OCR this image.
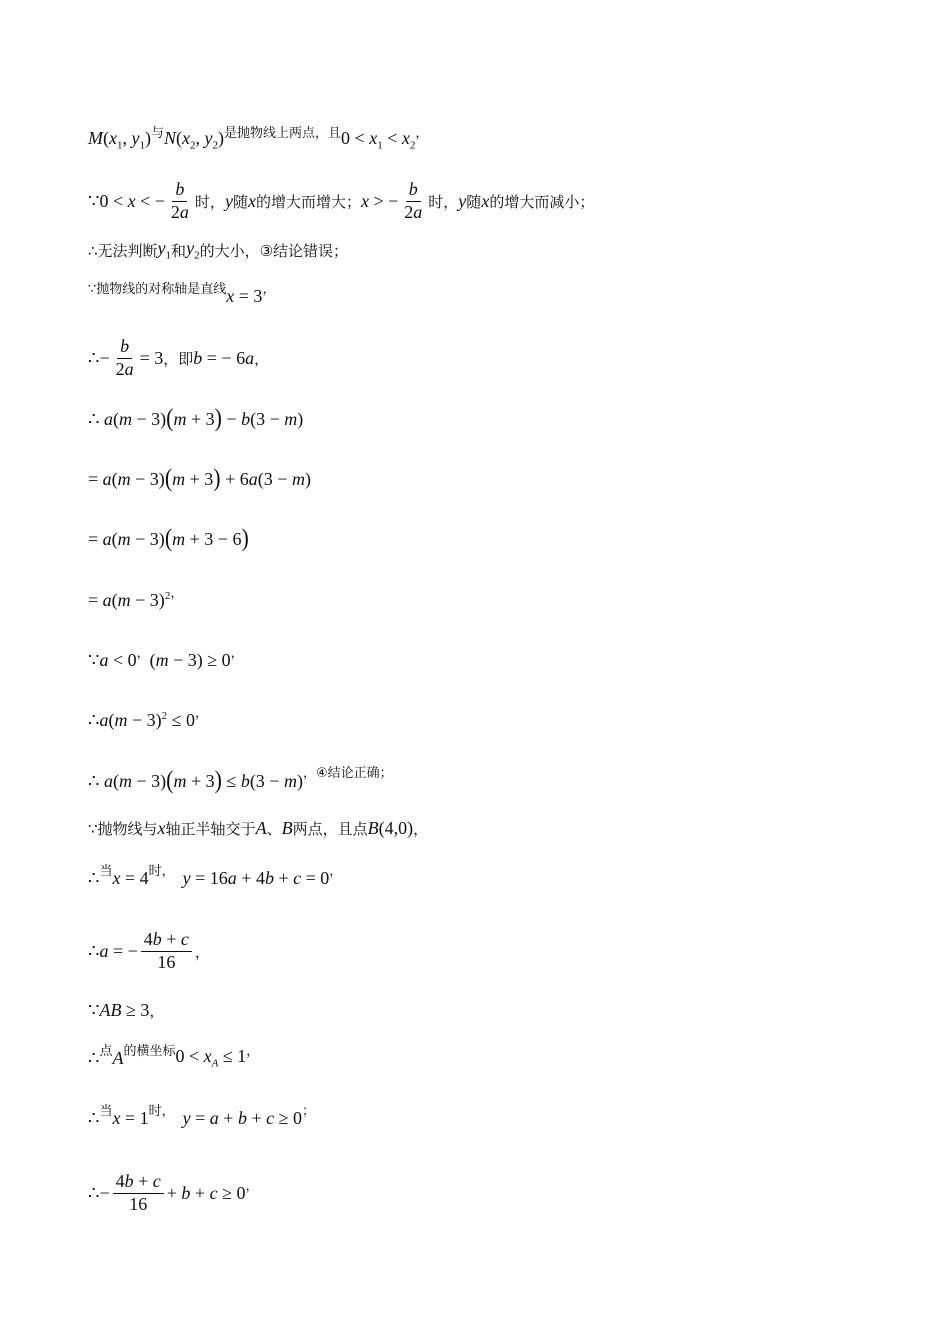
$M(x_1$, $y_1$) 与 $N(x_2$, $y_2$) 是抛物线上两点，且 $0 < x_1 < x_2$
，
∵0 < x < − $\frac{b}{2a}$ 时， y 随 x 的增大而增大； x > − $\frac{b}{2a}$ 时， y 随 x 的增大而减小；
∴无法判断 $y_1$ 和 $y_2$ 的大小，③结论错误；
∵抛物线的对称轴是直线 x = 3 ，
∴− $\frac{b}{2a} = 3$ ，即 b = − 6a ，
∴ a(m − 3)(m + 3) − b(3 − m)
= a(m − 3)(m + 3) + 6a(3 − m)
= a(m − 3)(m + 3 − 6)
= $a(m - 3)^2$ ，
∵a < 0 ， (m − 3) ≥ 0 ，
∴a(m − 3)$^2$ ≤ 0 ，
∴ a(m − 3)(m + 3) ≤ b(3 − m) ， ④结论正确；
∵抛物线与 x 轴正半轴交于 A 、 B 两点，且点 B(4,0) ，
∴ 当 x = 4 时， y = 16a + 4b + c = 0 ，
∴a = − $\frac{4b + c}{16}$ ，
∵AB ≥ 3 ，
∴ 点 A 的横坐标 $0 < x_A \le 1$ ，
∴ 当 x = 1 时， y = a + b + c ≥ 0 ；
∴− $\frac{4b + c}{16} + b + c \ge 0$ ，
